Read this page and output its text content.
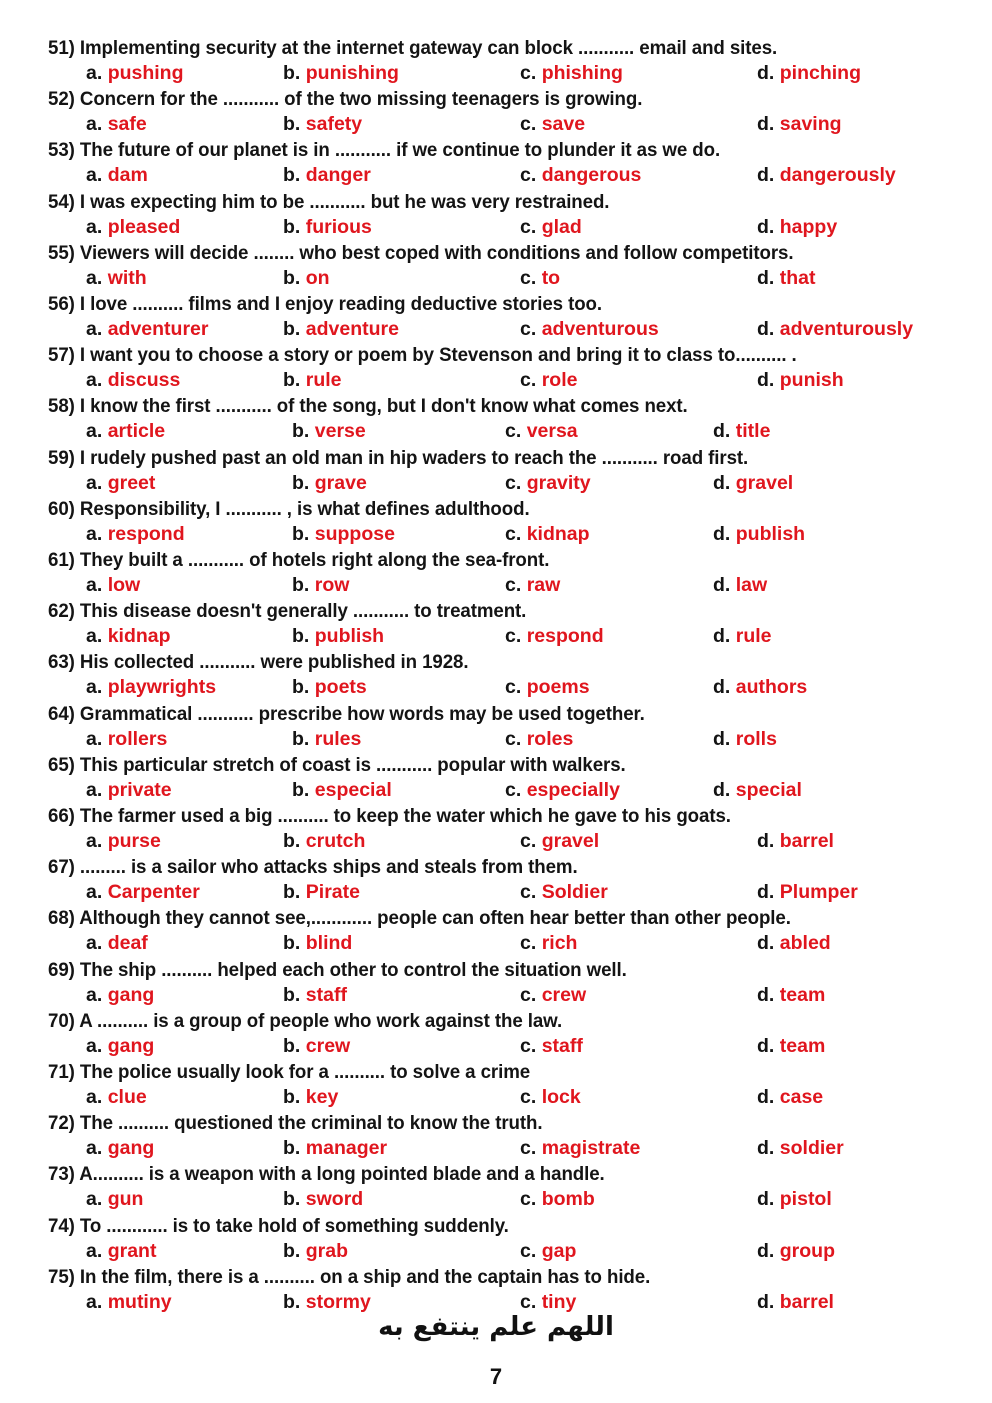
51) Implementing security at the internet gateway can block ........... email and sites.
a. pushing	b. punishing	c. phishing	d. pinching
52) Concern for the ........... of the two missing teenagers is growing.
a. safe	b. safety	c. save	d. saving
53) The future of our planet is in ........... if we continue to plunder it as we do.
a. dam	b. danger	c. dangerous	d. dangerously
54) I was expecting him to be ........... but he was very restrained.
a. pleased	b. furious	c. glad	d. happy
55) Viewers will decide ........ who best coped with conditions and follow competitors.
a. with	b. on	c. to	d. that
56) I love .......... films and I enjoy reading deductive stories too.
a. adventurer	b. adventure	c. adventurous	d. adventurously
57) I want you to choose a story or poem by Stevenson and bring it to class to.......... .
a. discuss	b. rule	c. role	d. punish
58) I know the first ........... of the song, but I don't know what comes next.
a. article	b. verse	c. versa	d. title
59) I rudely pushed past an old man in hip waders to reach the ........... road first.
a. greet	b. grave	c. gravity	d. gravel
60) Responsibility, I ........... , is what defines adulthood.
a. respond	b. suppose	c. kidnap	d. publish
61) They built a ........... of hotels right along the sea-front.
a. low	b. row	c. raw	d. law
62) This disease doesn't generally ........... to treatment.
a. kidnap	b. publish	c. respond	d. rule
63) His collected ........... were published in 1928.
a. playwrights	b. poets	c. poems	d. authors
64) Grammatical ........... prescribe how words may be used together.
a. rollers	b. rules	c. roles	d. rolls
65) This particular stretch of coast is ........... popular with walkers.
a. private	b. especial	c. especially	d. special
66) The farmer used a big .......... to keep the water which he gave to his goats.
a. purse	b. crutch	c. gravel	d. barrel
67) ......... is a sailor who attacks ships and steals from them.
a. Carpenter	b. Pirate	c. Soldier	d. Plumper
68) Although they cannot see,............ people can often hear better than other people.
a. deaf	b. blind	c. rich	d. abled
69) The ship .......... helped each other to control the situation well.
a. gang	b. staff	c. crew	d. team
70) A .......... is a group of people who work against the law.
a. gang	b. crew	c. staff	d. team
71) The police usually look for a .......... to solve a crime
a. clue	b. key	c. lock	d. case
72) The .......... questioned the criminal to know the truth.
a. gang	b. manager	c. magistrate	d. soldier
73) A.......... is a weapon with a long pointed blade and a handle.
a. gun	b. sword	c. bomb	d. pistol
74) To ............ is to take hold of something suddenly.
a. grant	b. grab	c. gap	d. group
75) In the film, there is a .......... on a ship and the captain has to hide.
a. mutiny	b. stormy	c. tiny	d. barrel
اللهم علم ينتفع به
7
